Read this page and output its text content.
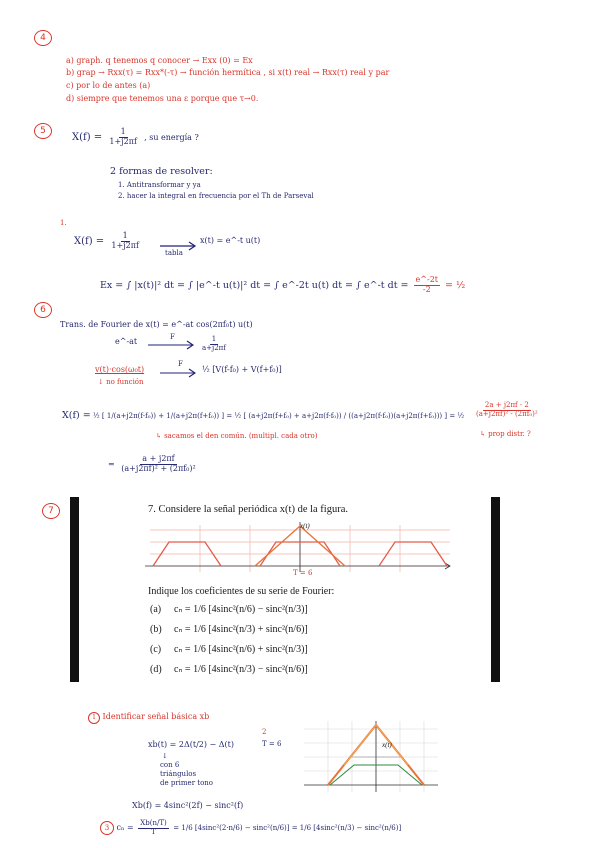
4
a) graph. q tenemos q conocer → Exx (0) = Ex
b) grap → Rxx(τ) = Rxx*(-τ) → función hermítica , si x(t) real → Rxx(τ) real y par
c) por lo de antes (a)
d) siempre que tenemos una ε porque que τ→0.
5
$X(f) = \frac{1}{1+j2\pi f}$ , su energía ?
2 formas de resolver:
1. Antitransformar y ya
2. hacer la integral en frecuencia por el Th de Parseval
1.
$X(f) = \frac{1}{1+j2\pi f}$
tabla
x(t) = e^-t u(t)
Ex = ∫ |x(t)|² dt = ∫ |e^-t u(t)|² dt = ∫ e^-2t u(t) dt = ∫ e^-t dt = $\frac{e\^{}-2t}{-2}$ = ½
6
Trans. de Fourier de x(t) = e^-at cos(2πf₀t) u(t)
e^-at	F	$\frac{1}{a+j2\pi f}$
v(t)·cos(ω₀t)
F
½ [V(f-f₀) + V(f+f₀)]
↓ no función
X(f) = ½ [ 1/(a+j2π(f-f₀)) + 1/(a+j2π(f+f₀)) ] = ½ [ (a+j2π(f+f₀) + a+j2π(f-f₀)) / ((a+j2π(f-f₀))(a+j2π(f+f₀))) ] = ½ $\frac{2a + j2\pi f \cdot 2}{\text{(a+j2πf)² - (2πf₀)²}}$
↳ sacamos el den común. (multipl. cada otro)	↳ prop distr. ?
= $\frac{a + j2\pi f}{\text{(a+j2πf)² + (2πf₀)²}}$
7	7. Considere la señal periódica x(t) de la figura.
x(t)
T = 6
Indique los coeficientes de su serie de Fourier:
(a) cₙ = 1/6 [4sinc²(n/6) − sinc²(n/3)]
(b) cₙ = 1/6 [4sinc²(n/3) + sinc²(n/6)]
(c) cₙ = 1/6 [4sinc²(n/6) + sinc²(n/3)]
(d) cₙ = 1/6 [4sinc²(n/3) − sinc²(n/6)]
1 Identificar señal básica xb
xb(t) = 2Δ(t/2) − Δ(t)
2
T = 6
↓
con 6
triángulos
de primer tono
x(t)
Xb(f) = 4sinc²(2f) − sinc²(f)
3 $c_n = \frac{Xb(n/T)}{T} = 1/6$ [4sinc²(2·n/6) − sinc²(n/6)] = 1/6 [4sinc²(n/3) − sinc²(n/6)]
